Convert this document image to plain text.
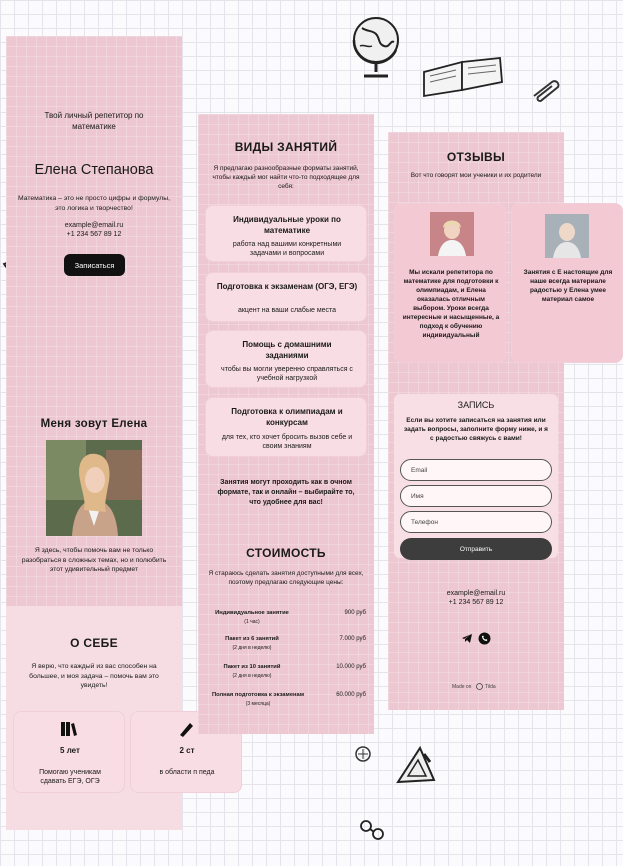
Твой личный репетитор по математике
Елена Степанова
Математика – это не просто цифры и формулы, это логика и творчество!
example@email.ru
+1 234 567 89 12
Записаться
Меня зовут Елена
Я здесь, чтобы помочь вам не только разобраться в сложных темах, но и полюбить этот удивительный предмет
О СЕБЕ
Я верю, что каждый из вас способен на большее, и моя задача – помочь вам это увидеть!
5 лет
Помогаю ученикам сдавать ЕГЭ, ОГЭ
2 ст
в области п педа
ВИДЫ ЗАНЯТИЙ
Я предлагаю разнообразные форматы занятий, чтобы каждый мог найти что-то подходящее для себя:
Индивидуальные уроки по математике
работа над вашими конкретными задачами и вопросами
Подготовка к экзаменам (ОГЭ, ЕГЭ)
акцент на ваши слабые места
Помощь с домашними заданиями
чтобы вы могли уверенно справляться с учебной нагрузкой
Подготовка к олимпиадам и конкурсам
для тех, кто хочет бросить вызов себе и своим знаниям
Занятия могут проходить как в очном формате, так и онлайн – выбирайте то, что удобнее для вас!
СТОИМОСТЬ
Я стараюсь сделать занятия доступными для всех, поэтому предлагаю следующие цены:
Индивидуальное занятие
(1 час)
900 руб
Пакет из 6 занятий
(2 дня в неделю)
7.000 руб
Пакет из 10 занятий
(2 дня в неделю)
10.000 руб
Полная подготовка к экзаменам
(3 месяца)
60.000 руб
ОТЗЫВЫ
Вот что говорят мои ученики и их родители
Мы искали репетитора по математике для подготовки к олимпиадам, и Елена оказалась отличным выбором. Уроки всегда интересные и насыщенные, а подход к обучению индивидуальный
Занятия с Е настоящие для наше всегда материале радостью у Елена умее материал самое
ЗАПИСЬ
Если вы хотите записаться на занятия или задать вопросы, заполните форму ниже, и я с радостью свяжусь с вами!
Email
Имя
Телефон
Отправить
example@email.ru
+1 234 567 89 12
Made on	Tilda
